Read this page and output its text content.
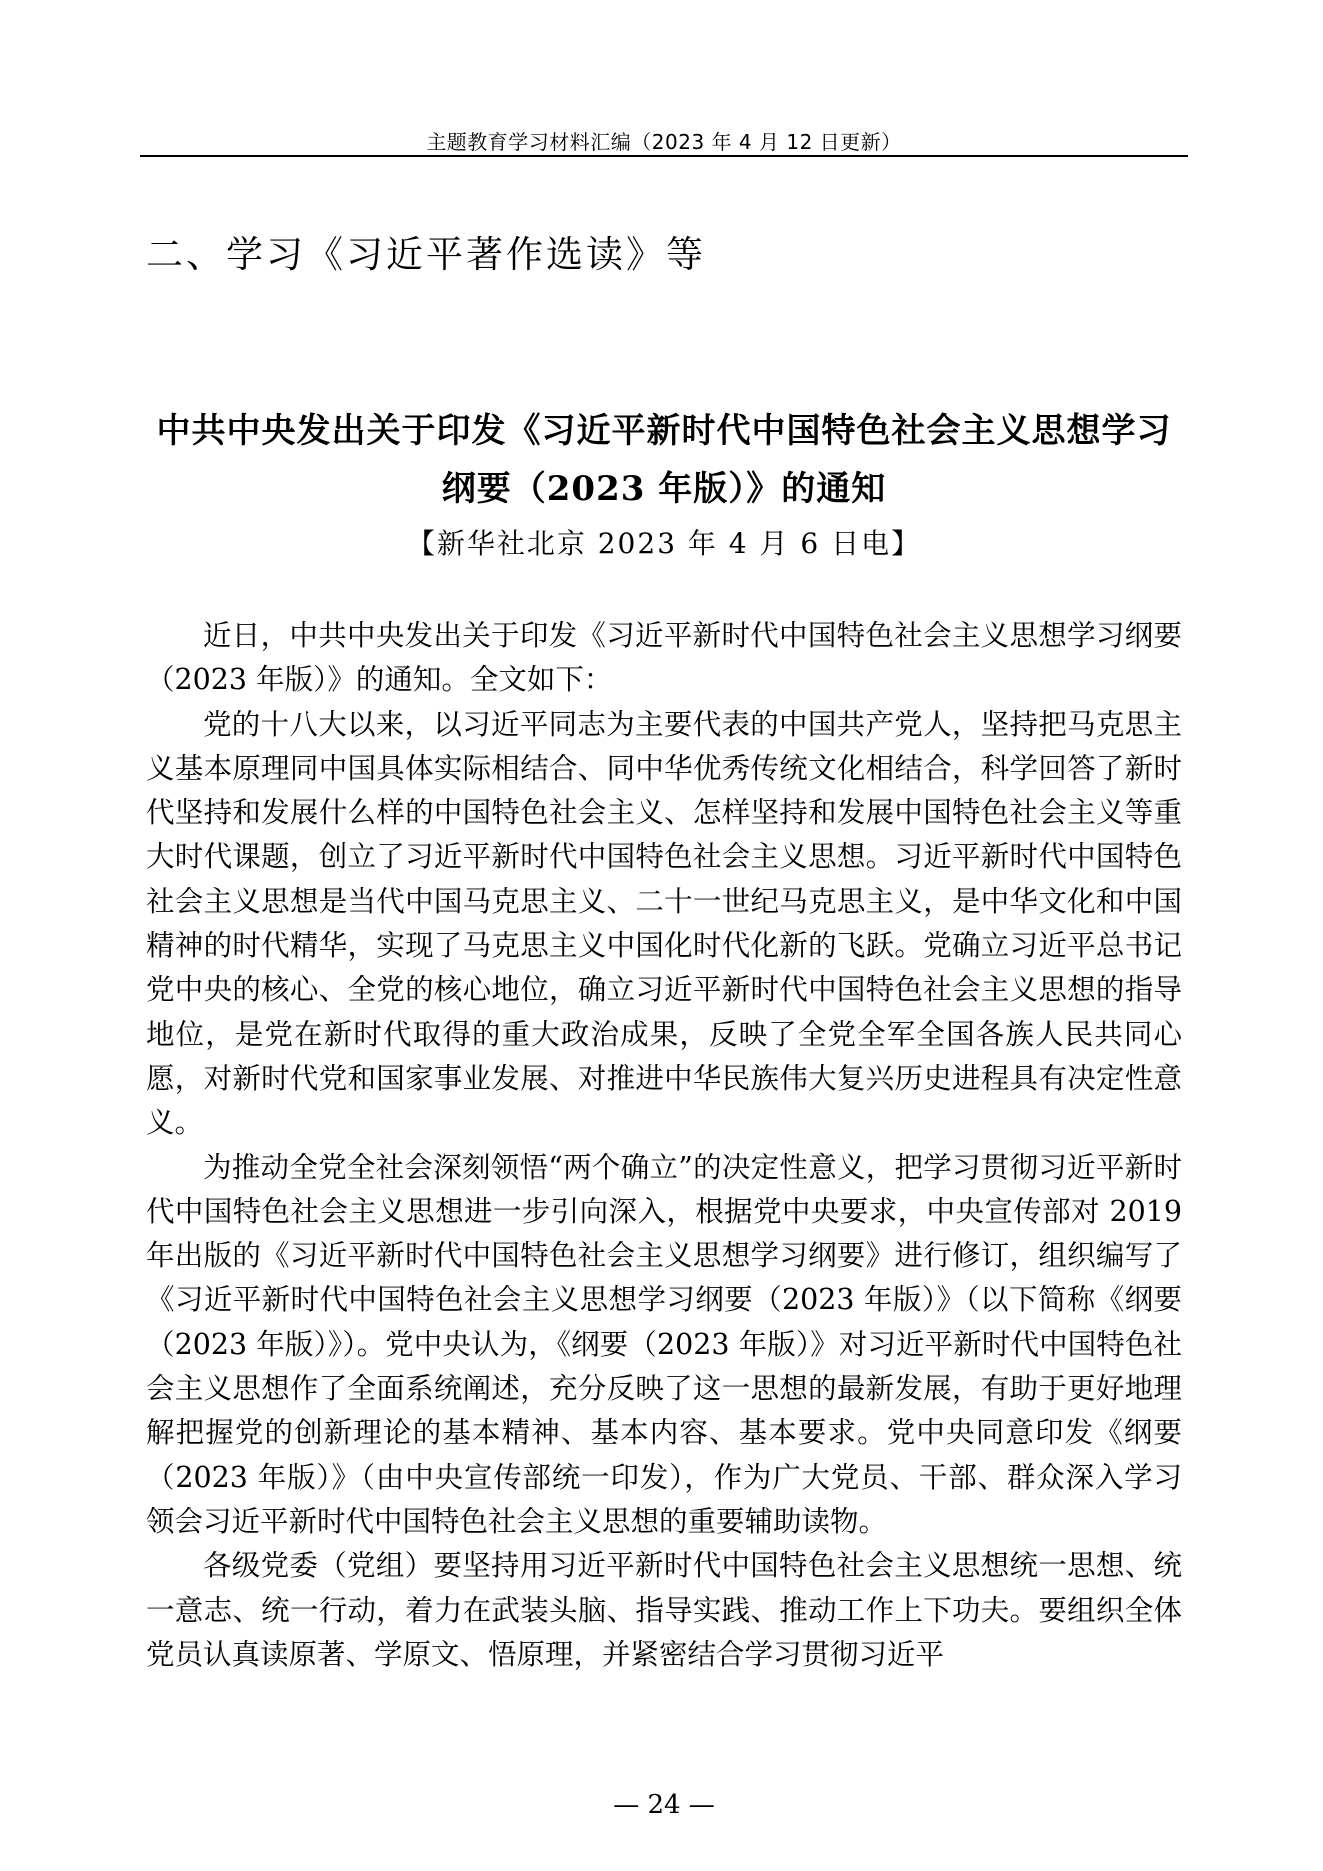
主题教育学习材料汇编（2023 年 4 月 12 日更新）
二、学习《习近平著作选读》等
中共中央发出关于印发《习近平新时代中国特色社会主义思想学习
纲要（2023 年版）》的通知
【新华社北京 2023 年 4 月 6 日电】

近日，中共中央发出关于印发《习近平新时代中国特色社会主义思想学习纲要（2023 年版）》的通知。全文如下：

党的十八大以来，以习近平同志为主要代表的中国共产党人，坚持把马克思主义基本原理同中国具体实际相结合、同中华优秀传统文化相结合，科学回答了新时代坚持和发展什么样的中国特色社会主义、怎样坚持和发展中国特色社会主义等重大时代课题，创立了习近平新时代中国特色社会主义思想。习近平新时代中国特色社会主义思想是当代中国马克思主义、二十一世纪马克思主义，是中华文化和中国精神的时代精华，实现了马克思主义中国化时代化新的飞跃。党确立习近平总书记党中央的核心、全党的核心地位，确立习近平新时代中国特色社会主义思想的指导地位，是党在新时代取得的重大政治成果，反映了全党全军全国各族人民共同心愿，对新时代党和国家事业发展、对推进中华民族伟大复兴历史进程具有决定性意义。

为推动全党全社会深刻领悟“两个确立”的决定性意义，把学习贯彻习近平新时代中国特色社会主义思想进一步引向深入，根据党中央要求，中央宣传部对 2019 年出版的《习近平新时代中国特色社会主义思想学习纲要》进行修订，组织编写了《习近平新时代中国特色社会主义思想学习纲要（2023 年版）》（以下简称《纲要（2023 年版）》）。党中央认为，《纲要（2023 年版）》对习近平新时代中国特色社会主义思想作了全面系统阐述，充分反映了这一思想的最新发展，有助于更好地理解把握党的创新理论的基本精神、基本内容、基本要求。党中央同意印发《纲要（2023 年版）》（由中央宣传部统一印发），作为广大党员、干部、群众深入学习领会习近平新时代中国特色社会主义思想的重要辅助读物。

各级党委（党组）要坚持用习近平新时代中国特色社会主义思想统一思想、统一意志、统一行动，着力在武装头脑、指导实践、推动工作上下功夫。要组织全体党员认真读原著、学原文、悟原理，并紧密结合学习贯彻习近平

— 24 —
